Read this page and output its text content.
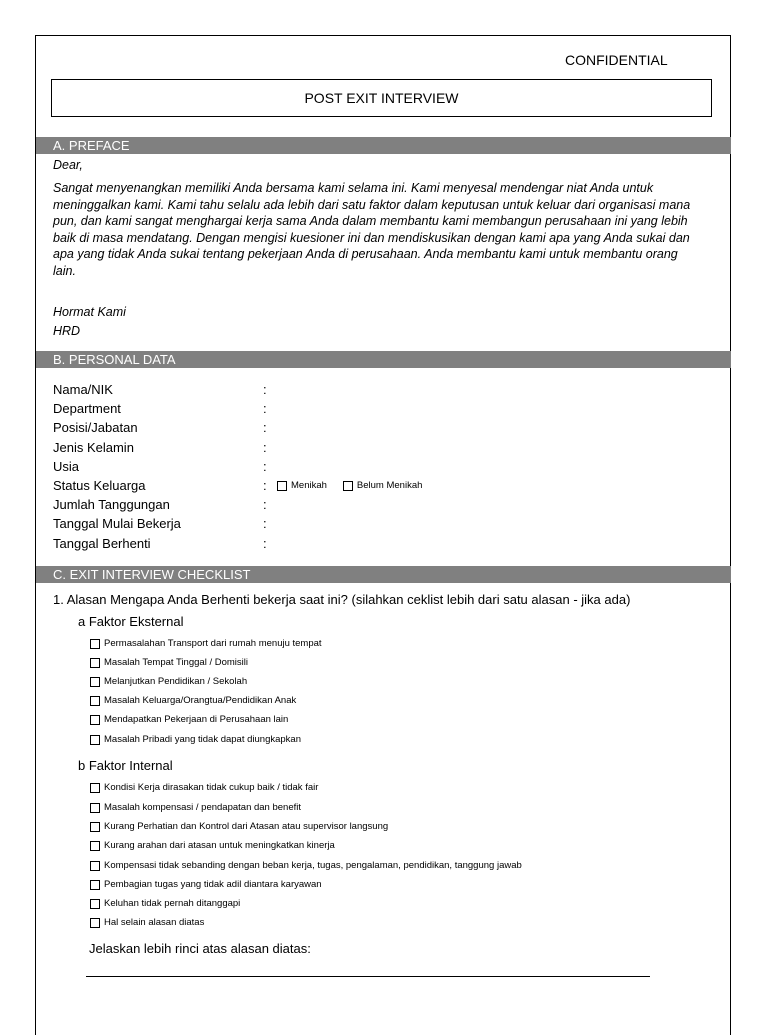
CONFIDENTIAL
POST EXIT INTERVIEW
A. PREFACE
Dear,
Sangat menyenangkan memiliki Anda bersama kami selama ini. Kami menyesal mendengar niat Anda untuk
meninggalkan kami. Kami tahu selalu ada lebih dari satu faktor dalam keputusan untuk keluar dari organisasi mana
pun, dan kami sangat menghargai kerja sama Anda dalam membantu kami membangun perusahaan ini yang lebih
baik di masa mendatang. Dengan mengisi kuesioner ini dan mendiskusikan dengan kami apa yang Anda sukai dan
apa yang tidak Anda sukai tentang pekerjaan Anda di perusahaan. Anda membantu kami untuk membantu orang
lain.
Hormat Kami
HRD
B. PERSONAL DATA
Nama/NIK	:
Department	:
Posisi/Jabatan	:
Jenis Kelamin	:
Usia	:
Status Keluarga	:	Menikah	Belum Menikah
Jumlah Tanggungan	:
Tanggal Mulai Bekerja	:
Tanggal Berhenti	:
C. EXIT INTERVIEW CHECKLIST
1. Alasan Mengapa Anda Berhenti bekerja saat ini? (silahkan ceklist lebih dari satu alasan - jika ada)
a Faktor Eksternal
Permasalahan Transport dari rumah menuju tempat
Masalah Tempat Tinggal / Domisili
Melanjutkan Pendidikan / Sekolah
Masalah Keluarga/Orangtua/Pendidikan Anak
Mendapatkan Pekerjaan di Perusahaan lain
Masalah Pribadi yang tidak dapat diungkapkan
b Faktor Internal
Kondisi Kerja dirasakan tidak cukup baik / tidak fair
Masalah kompensasi / pendapatan dan benefit
Kurang Perhatian dan Kontrol dari Atasan atau supervisor langsung
Kurang arahan dari atasan untuk meningkatkan kinerja
Kompensasi tidak sebanding dengan beban kerja, tugas, pengalaman, pendidikan, tanggung jawab
Pembagian tugas yang tidak adil diantara karyawan
Keluhan tidak pernah ditanggapi
Hal selain alasan diatas
Jelaskan lebih rinci atas alasan diatas:
